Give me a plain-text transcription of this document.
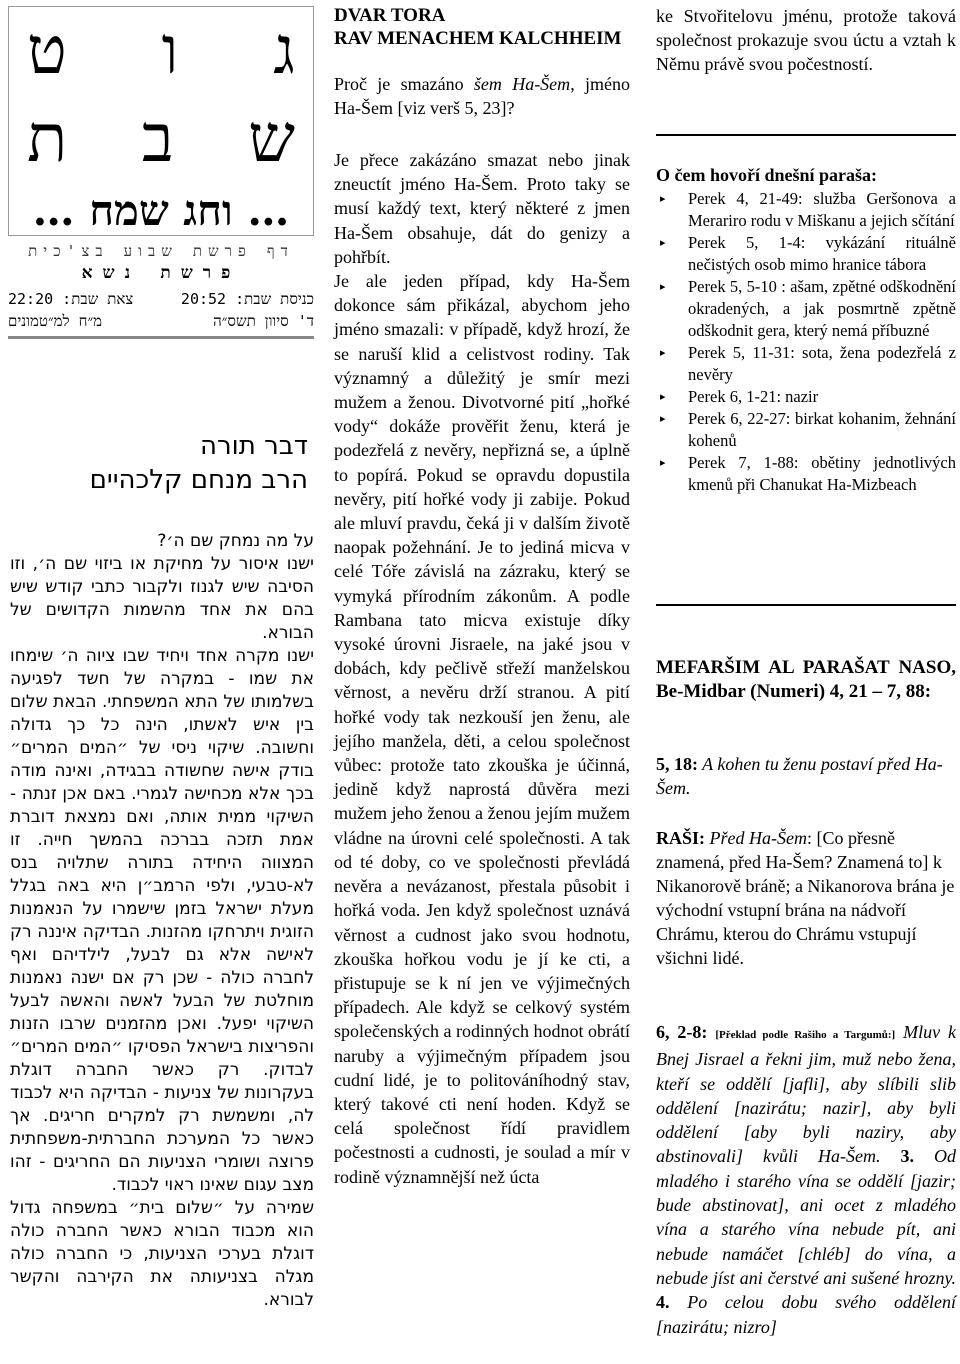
ג
ו
ט
ש
ב
ת
… וחג שמח …
דף פרשת שבוע בצ'כית
פרשת נשא
כניסת שבת: 20:52
צאת שבת: 22:20
ד' סיוון תשס״ה
מ״ח למ״טמונים
דבר תורה
הרב מנחם קלכהיים

על מה נמחק שם ה׳?

ישנו איסור על מחיקת או ביזוי שם ה׳, וזו הסיבה שיש לגנוז ולקבור כתבי קודש שיש בהם את אחד מהשמות הקדושים של הבורא.

ישנו מקרה אחד ויחיד שבו ציוה ה׳ שימחו את שמו - במקרה של חשד לפגיעה בשלמותו של התא המשפחתי. הבאת שלום בין איש לאשתו, הינה כל כך גדולה וחשובה. שיקוי ניסי של ״המים המרים״ בודק אישה שחשודה בבגידה, ואינה מודה בכך אלא מכחישה לגמרי. באם אכן זנתה - השיקוי ממית אותה, ואם נמצאת דוברת אמת תזכה בברכה בהמשך חייה. זו המצווה היחידה בתורה שתלויה בנס לא-טבעי, ולפי הרמב״ן היא באה בגלל מעלת ישראל בזמן שישמרו על הנאמנות הזוגית ויתרחקו מהזנות. הבדיקה איננה רק לאישה אלא גם לבעל, לילדיהם ואף לחברה כולה - שכן רק אם ישנה נאמנות מוחלטת של הבעל לאשה והאשה לבעל השיקוי יפעל. ואכן מהזמנים שרבו הזנות והפריצות בישראל הפסיקו ״המים המרים״ לבדוק. רק כאשר החברה דוגלת בעקרונות של צניעות - הבדיקה היא לכבוד לה, ומשמשת רק למקרים חריגים. אך כאשר כל המערכת החברתית-משפחתית פרוצה ושומרי הצניעות הם החריגים - זהו מצב עגום שאינו ראוי לכבוד.

שמירה על ״שלום בית״ במשפחה גדול הוא מכבוד הבורא כאשר החברה כולה דוגלת בערכי הצניעות, כי החברה כולה מגלה בצניעותה את הקירבה והקשר לבורא.

DVAR TORA
RAV MENACHEM KALCHHEIM
Proč je smazáno šem Ha-Šem, jméno Ha-Šem [viz verš 5, 23]?

Je přece zakázáno smazat nebo jinak zneuctít jméno Ha-Šem. Proto taky se musí každý text, který některé z jmen Ha-Šem obsahuje, dát do genizy a pohřbít.

Je ale jeden případ, kdy Ha-Šem dokonce sám přikázal, abychom jeho jméno smazali: v případě, když hrozí, že se naruší klid a celistvost rodiny. Tak významný a důležitý je smír mezi mužem a ženou. Divotvorné pití „hořké vody“ dokáže prověřit ženu, která je podezřelá z nevěry, nepřizná se, a úplně to popírá. Pokud se opravdu dopustila nevěry, pití hořké vody ji zabije. Pokud ale mluví pravdu, čeká ji v dalším životě naopak požehnání. Je to jediná micva v celé Tóře závislá na zázraku, který se vymyká přírodním zákonům. A podle Rambana tato micva existuje díky vysoké úrovni Jisraele, na jaké jsou v dobách, kdy pečlivě střeží manželskou věrnost, a nevěru drží stranou. A pití hořké vody tak nezkouší jen ženu, ale jejího manžela, děti, a celou společnost vůbec: protože tato zkouška je účinná, jedině když naprostá důvěra mezi mužem jeho ženou a ženou jejím mužem vládne na úrovni celé společnosti. A tak od té doby, co ve společnosti převládá nevěra a nevázanost, přestala působit i hořká voda. Jen když společnost uznává věrnost a cudnost jako svou hodnotu, zkouška hořkou vodu je jí ke cti, a přistupuje se k ní jen ve výjimečných případech. Ale když se celkový systém společenských a rodinných hodnot obrátí naruby a výjimečným případem jsou cudní lidé, je to politováníhodný stav, který takové cti není hoden. Když se celá společnost řídí pravidlem počestnosti a cudnosti, je soulad a mír v rodině významnější než úcta

ke Stvořitelovu jménu, protože taková společnost prokazuje svou úctu a vztah k Němu právě svou počestností.
O čem hovoří dnešní paraša:
▸ Perek 4, 21-49: služba Geršonova a Merariro rodu v Miškanu a jejich sčítání
▸ Perek 5, 1-4: vykázání rituálně nečistých osob mimo hranice tábora
▸ Perek 5, 5-10 : ašam, zpětné odškodnění okradených, a jak posmrtně zpětně odškodnit gera, který nemá příbuzné
▸ Perek 5, 11-31: sota, žena podezřelá z nevěry
▸ Perek 6, 1-21: nazir
▸ Perek 6, 22-27: birkat kohanim, žehnání kohenů
▸ Perek 7, 1-88: obětiny jednotlivých kmenů při Chanukat Ha-Mizbeach
MEFARŠIM AL PARAŠAT NASO, Be-Midbar (Numeri) 4, 21 – 7, 88:
5, 18: A kohen tu ženu postaví před Ha-Šem.
RAŠI: Před Ha-Šem: [Co přesně znamená, před Ha-Šem? Znamená to] k Nikanorově bráně; a Nikanorova brána je východní vstupní brána na nádvoří Chrámu, kterou do Chrámu vstupují všichni lidé.
6, 2-8: [Překlad podle Rašiho a Targumů:] Mluv k Bnej Jisrael a řekni jim, muž nebo žena, kteří se oddělí [jafli], aby slíbili slib oddělení [nazirátu; nazir], aby byli oddělení [aby byli naziry, aby abstinovali] kvůli Ha-Šem. 3. Od mladého i starého vína se oddělí [jazir; bude abstinovat], ani ocet z mladého vína a starého vína nebude pít, ani nebude namáčet [chléb] do vína, a nebude jíst ani čerstvé ani sušené hrozny. 4. Po celou dobu svého oddělení [nazirátu; nizro]
